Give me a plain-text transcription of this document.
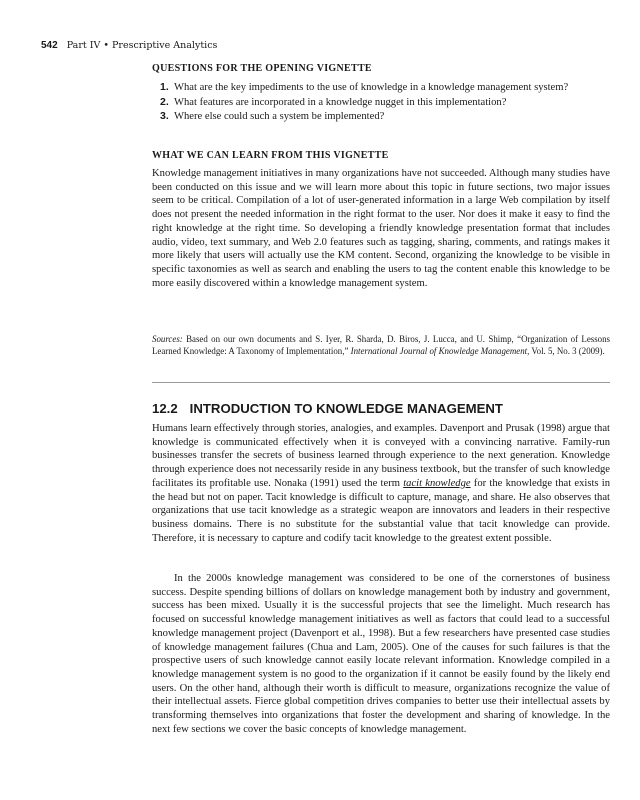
542 Part IV • Prescriptive Analytics
QUESTIONS FOR THE OPENING VIGNETTE
1. What are the key impediments to the use of knowledge in a knowledge management system?
2. What features are incorporated in a knowledge nugget in this implementation?
3. Where else could such a system be implemented?
WHAT WE CAN LEARN FROM THIS VIGNETTE

Knowledge management initiatives in many organizations have not succeeded. Although many studies have been conducted on this issue and we will learn more about this topic in future sections, two major issues seem to be critical. Compilation of a lot of user-generated information in a large Web compilation by itself does not present the needed information in the right format to the user. Nor does it make it easy to find the right knowledge at the right time. So developing a friendly knowledge presentation format that includes audio, video, text summary, and Web 2.0 features such as tagging, sharing, comments, and ratings makes it more likely that users will actually use the KM content. Second, organizing the knowledge to be visible in specific taxonomies as well as search and enabling the users to tag the content enable this knowledge to be more easily discovered within a knowledge management system.

Sources: Based on our own documents and S. Iyer, R. Sharda, D. Biros, J. Lucca, and U. Shimp, “Organization of Lessons Learned Knowledge: A Taxonomy of Implementation,” International Journal of Knowledge Management, Vol. 5, No. 3 (2009).

12.2 INTRODUCTION TO KNOWLEDGE MANAGEMENT

Humans learn effectively through stories, analogies, and examples. Davenport and Prusak (1998) argue that knowledge is communicated effectively when it is conveyed with a convincing narrative. Family-run businesses transfer the secrets of business learned through experience to the next generation. Knowledge through experience does not necessarily reside in any business textbook, but the transfer of such knowledge facilitates its profitable use. Nonaka (1991) used the term tacit knowledge for the knowledge that exists in the head but not on paper. Tacit knowledge is difficult to capture, manage, and share. He also observes that organizations that use tacit knowledge as a strategic weapon are innovators and leaders in their respective business domains. There is no substitute for the substantial value that tacit knowledge can provide. Therefore, it is necessary to capture and codify tacit knowledge to the greatest extent possible.

In the 2000s knowledge management was considered to be one of the cornerstones of business success. Despite spending billions of dollars on knowledge management both by industry and government, success has been mixed. Usually it is the successful projects that see the limelight. Much research has focused on successful knowledge management initiatives as well as factors that could lead to a successful knowledge management project (Davenport et al., 1998). But a few researchers have presented case studies of knowledge management failures (Chua and Lam, 2005). One of the causes for such failures is that the prospective users of such knowledge cannot easily locate relevant information. Knowledge compiled in a knowledge management system is no good to the organization if it cannot be easily found by the likely end users. On the other hand, although their worth is difficult to measure, organizations recognize the value of their intellectual assets. Fierce global competition drives companies to better use their intellectual assets by transforming themselves into organizations that foster the development and sharing of knowledge. In the next few sections we cover the basic concepts of knowledge management.
